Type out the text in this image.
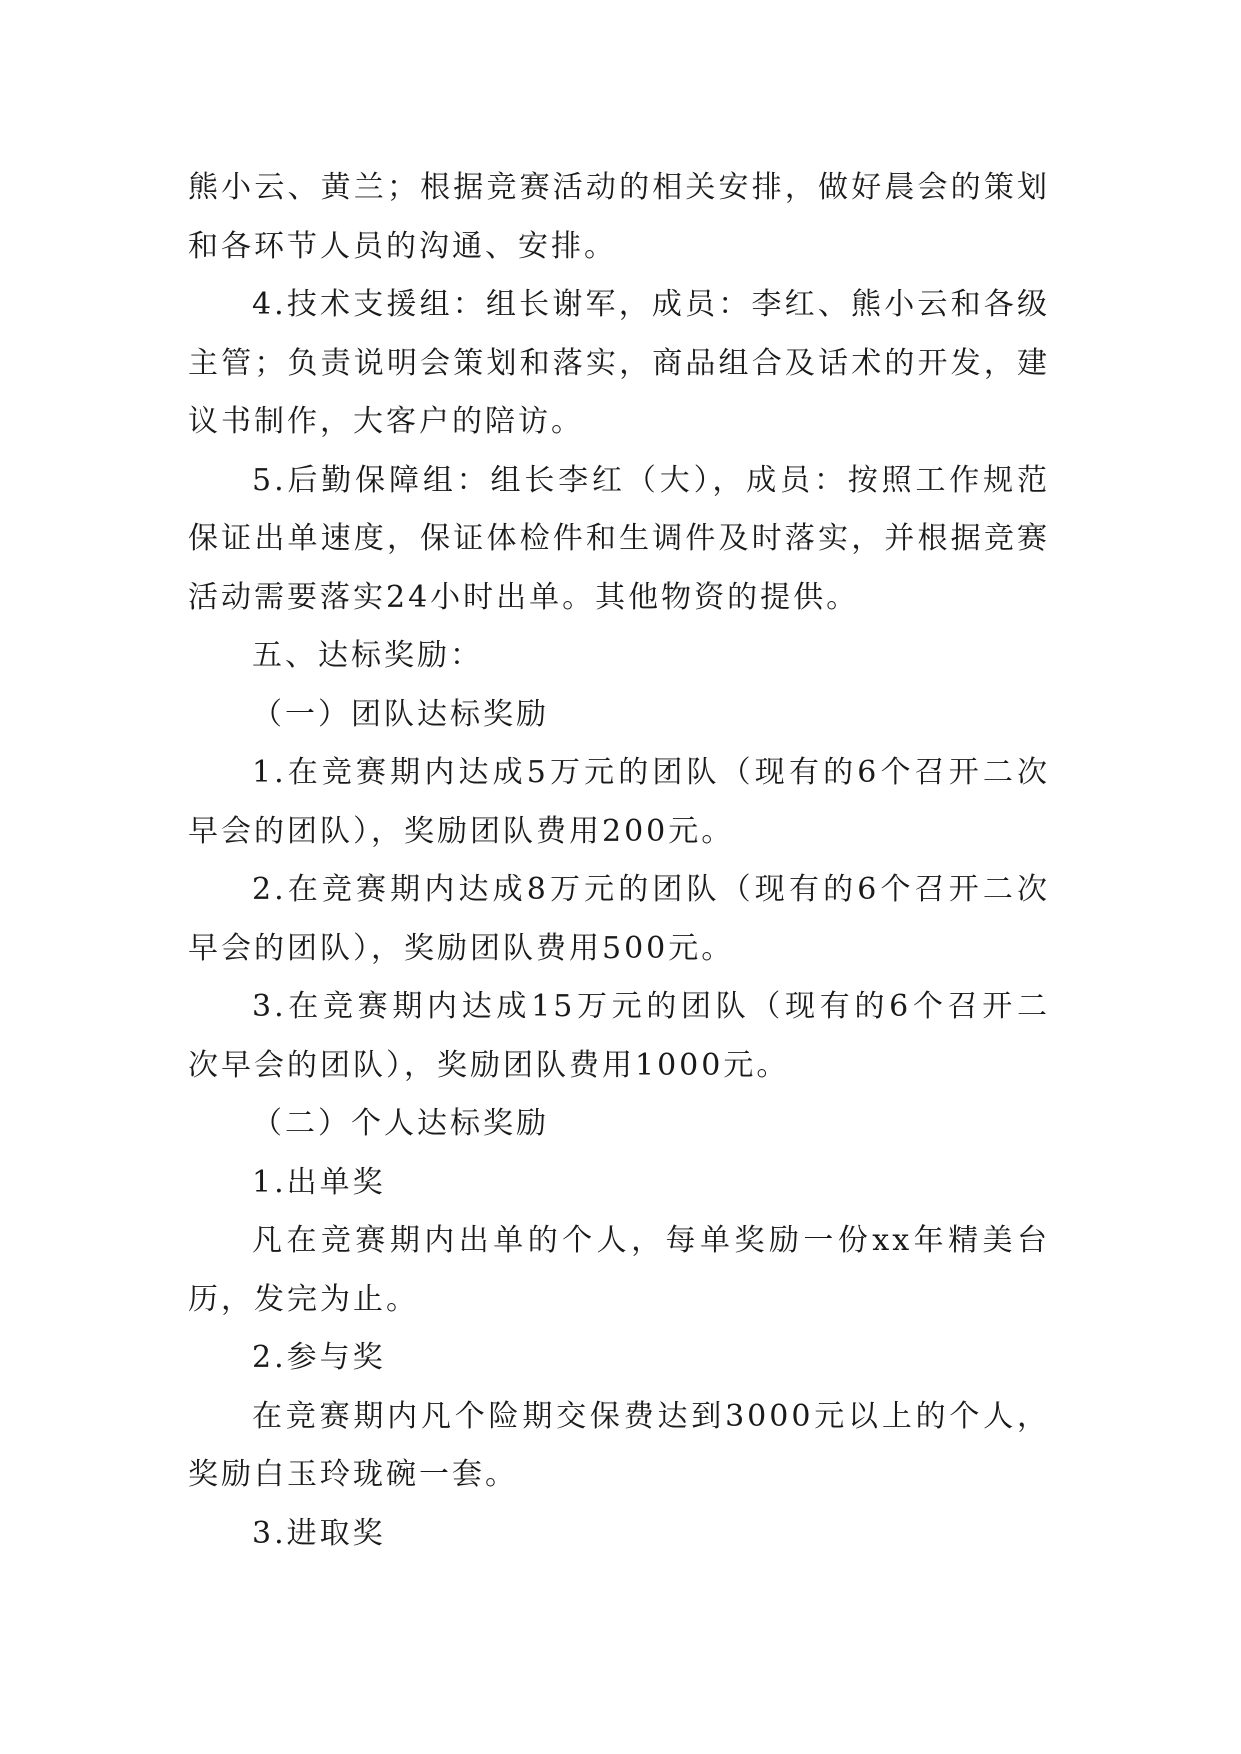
熊小云、黄兰；根据竞赛活动的相关安排，做好晨会的策划
和各环节人员的沟通、安排。
4.技术支援组：组长谢军，成员：李红、熊小云和各级
主管；负责说明会策划和落实，商品组合及话术的开发，建
议书制作，大客户的陪访。
5.后勤保障组：组长李红（大），成员：按照工作规范
保证出单速度，保证体检件和生调件及时落实，并根据竞赛
活动需要落实24小时出单。其他物资的提供。
五、达标奖励：
（一）团队达标奖励
1.在竞赛期内达成5万元的团队（现有的6个召开二次
早会的团队），奖励团队费用200元。
2.在竞赛期内达成8万元的团队（现有的6个召开二次
早会的团队），奖励团队费用500元。
3.在竞赛期内达成15万元的团队（现有的6个召开二
次早会的团队），奖励团队费用1000元。
（二）个人达标奖励
1.出单奖
凡在竞赛期内出单的个人，每单奖励一份xx年精美台
历，发完为止。
2.参与奖
在竞赛期内凡个险期交保费达到3000元以上的个人，
奖励白玉玲珑碗一套。
3.进取奖
